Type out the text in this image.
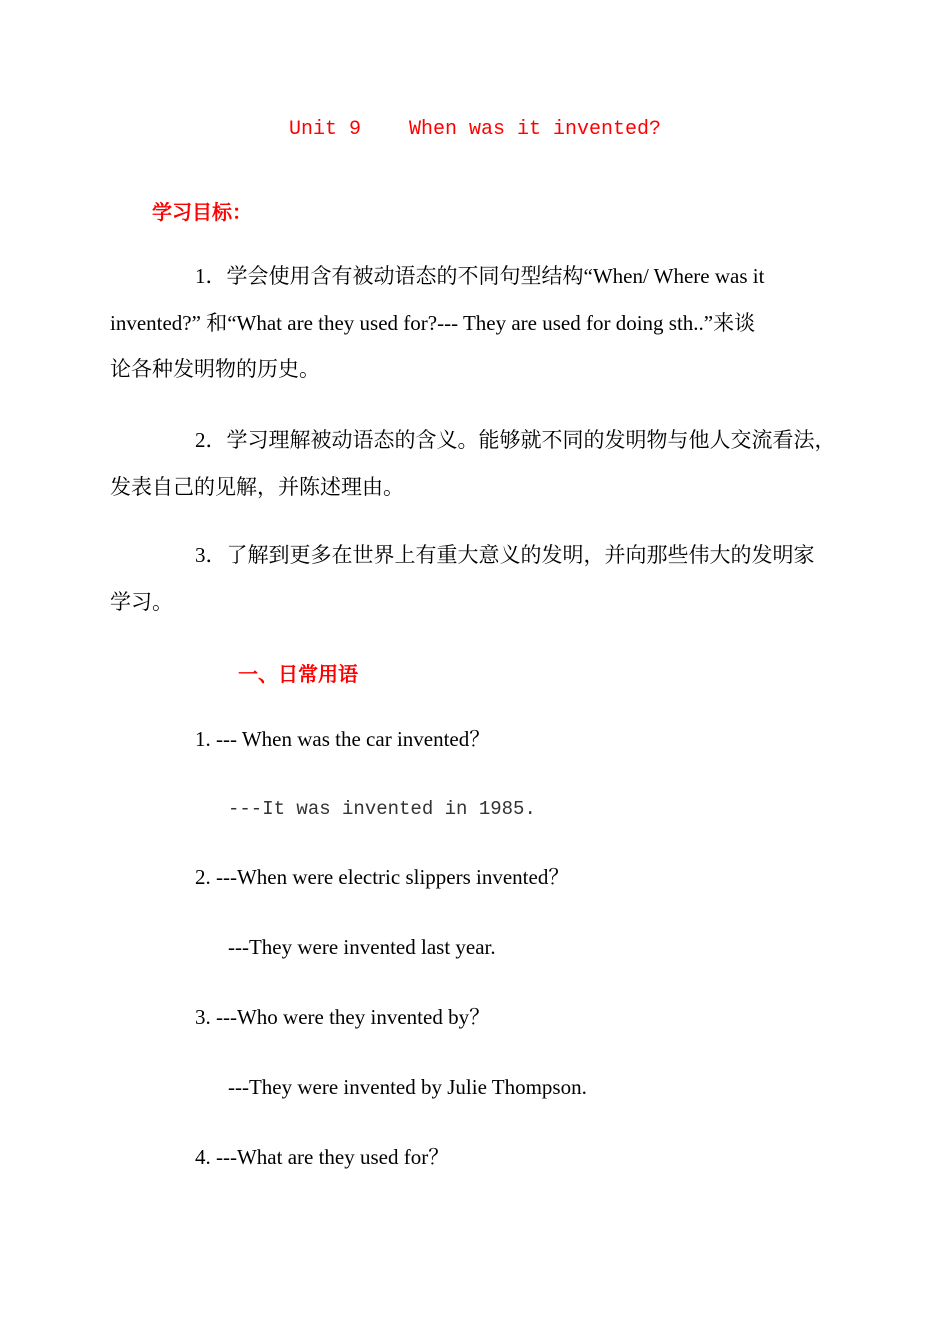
Unit 9    When was it invented?
学习目标：
1．学会使用含有被动语态的不同句型结构“When/ Where was it
invented?” 和“What are they used for?--- They are used for doing sth..”来谈
论各种发明物的历史。
2．学习理解被动语态的含义。能够就不同的发明物与他人交流看法，
发表自己的见解，并陈述理由。
3．了解到更多在世界上有重大意义的发明，并向那些伟大的发明家
学习。
一、日常用语
1. --- When was the car invented？
---It was invented in 1985.
2. ---When were electric slippers invented？
---They were invented last year.
3. ---Who were they invented by？
---They were invented by Julie Thompson.
4. ---What are they used for？
